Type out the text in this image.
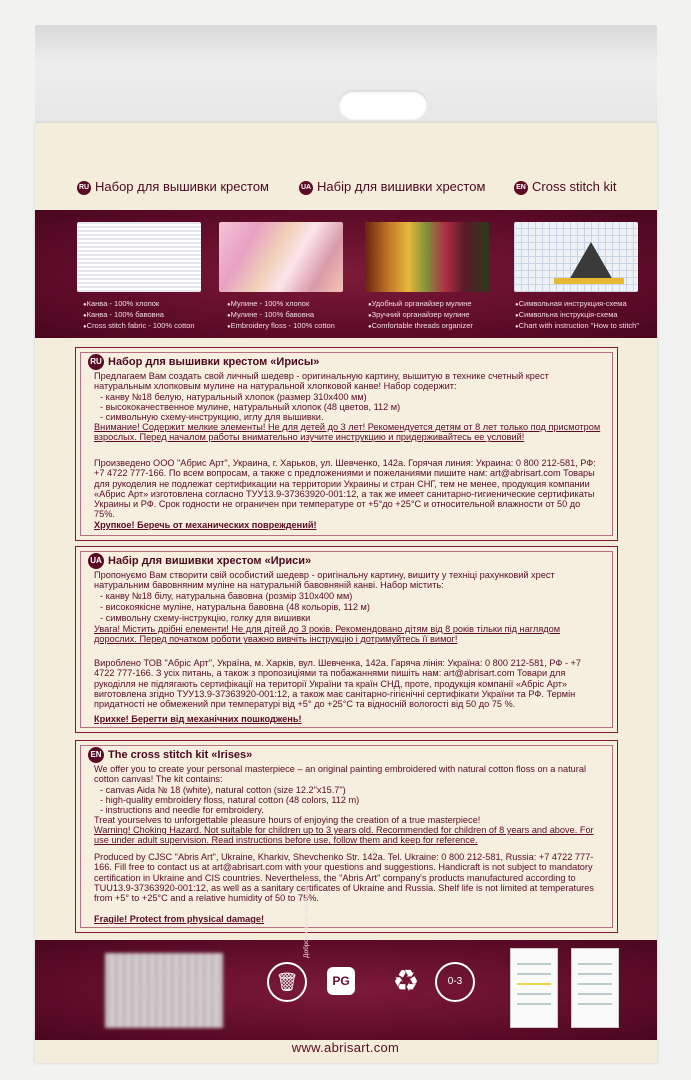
RU Набор для вышивки крестом	UA Набір для вишивки хрестом	EN Cross stitch kit
● Канва - 100% хлопок
● Канва - 100% бавовна
● Cross stitch fabric - 100% cotton
● Мулине - 100% хлопок
● Мулине - 100% бавовна
● Embroidery floss - 100% cotton
● Удобный органайзер мулине
● Зручний органайзер мулине
● Comfortable threads organizer
● Символьная инструкция-схема
● Символьна інструкція-схема
● Chart with instruction "How to stitch"
RU Набор для вышивки крестом «Ирисы»
Предлагаем Вам создать свой личный шедевр - оригинальную картину, вышитую в технике счетный крест натуральным хлопковым мулине на натуральной хлопковой канве! Набор содержит:
- канву №18 белую, натуральный хлопок (размер 310х400 мм)
- высококачественное мулине, натуральный хлопок (48 цветов, 112 м)
- символьную схему-инструкцию, иглу для вышивки.
Внимание! Содержит мелкие элементы! Не для детей до 3 лет! Рекомендуется детям от 8 лет только под присмотром взрослых. Перед началом работы внимательно изучите инструкцию и придерживайтесь ее условий!
Произведено ООО "Абрис Арт", Украина, г. Харьков, ул. Шевченко, 142а. Горячая линия: Украина: 0 800 212-581, РФ: +7 4722 777-166. По всем вопросам, а также с предложениями и пожеланиями пишите нам: art@abrisart.com Товары для рукоделия не подлежат сертификации на территории Украины и стран СНГ, тем не менее, продукция компании «Абрис Арт» изготовлена согласно ТУУ13.9-37363920-001:12, а так же имеет санитарно-гигиенические сертификаты Украины и РФ. Срок годности не ограничен при температуре от +5°до +25°С и относительной влажности от 50 до 75%.
Хрупкое! Беречь от механических повреждений!
UA Набір для вишивки хрестом «Ириси»
Пропонуємо Вам створити свій особистий шедевр - оригінальну картину, вишиту у техніці рахунковий хрест натуральним бавовняним муліне на натуральній бавовняній канві. Набор містить:
- канву №18 білу, натуральна бавовна (розмір 310х400 мм)
- високоякісне муліне, натуральна бавовна (48 кольорів, 112 м)
- символьну схему-інструкцію, голку для вишивки
Увага! Містить дрібні елементи! Не для дітей до 3 років. Рекомендовано дітям від 8 років тільки під наглядом дорослих. Перед початком роботи уважно вивчіть інструкцію і дотримуйтесь її вимог!
Вироблено ТОВ "Абріс Арт", Україна, м. Харків, вул. Шевченка, 142а. Гаряча лінія: Україна: 0 800 212-581, РФ - +7 4722 777-166. З усіх питань, а також з пропозиціями та побажаннями пишіть нам: art@abrisart.com Товари для рукоділля не підлягають сертифікації на території України та країн СНД, проте, продукція компанії «Абріс Арт» виготовлена згідно ТУУ13.9-37363920-001:12, а також має санітарно-гігієнічні сертифікати України та РФ. Термін придатності не обмежений при температурі від +5° до +25°С та відносній вологості від 50 до 75 %.
Крихке! Берегти від механічних пошкоджень!
EN The cross stitch kit «Irises»
We offer you to create your personal masterpiece – an original painting embroidered with natural cotton floss on a natural cotton canvas! The kit contains:
- canvas Aida № 18 (white), natural cotton (size 12.2"x15.7")
- high-quality embroidery floss, natural cotton (48 colors, 112 m)
- instructions and needle for embroidery.
Treat yourselves to unforgettable pleasure hours of enjoying the creation of a true masterpiece!
Warning! Choking Hazard. Not suitable for children up to 3 years old. Recommended for children of 8 years and above. For use under adult supervision. Read instructions before use, follow them and keep for reference.
Produced by CJSC "Abris Art", Ukraine, Kharkiv, Shevchenko Str. 142a. Tel. Ukraine: 0 800 212-581, Russia: +7 4722 777-166. Fill free to contact us at art@abrisart.com with your questions and suggestions. Handicraft is not subject to mandatory certification in Ukraine and CIS countries. Nevertheless, the "Abris Art" company's products manufactured according to TUU13.9-37363920-001:12, as well as a sanitary certificates of Ukraine and Russia. Shelf life is not limited at temperatures from +5° to +25°C and a relative humidity of 50 to 75%.
Fragile! Protect from physical damage!
🗑
Добровольная сертификация
PG ♻	0-3
www.abrisart.com
